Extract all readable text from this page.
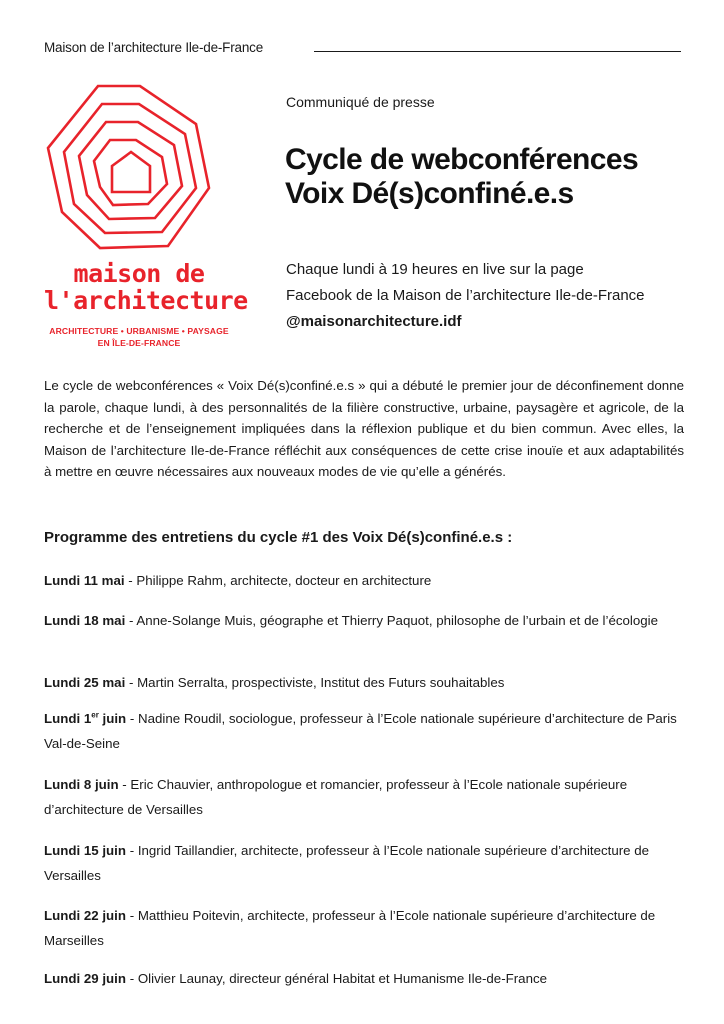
Maison de l’architecture Ile-de-France
maison de
l'architecture
ARCHITECTURE • URBANISME • PAYSAGE
EN ÎLE-DE-FRANCE
Communiqué de presse
Cycle de webconférences
Voix Dé(s)confiné.e.s
Chaque lundi à 19 heures en live sur la page
Facebook de la Maison de l’architecture Ile-de-France
@maisonarchitecture.idf
Le cycle de webconférences « Voix Dé(s)confiné.e.s » qui a débuté le premier jour de déconfinement donne la parole, chaque lundi, à des personnalités de la filière constructive, urbaine, paysagère et agricole, de la recherche et de l’enseignement impliquées dans la réflexion publique et du bien commun. Avec elles, la Maison de l’architecture Ile-de-France réfléchit aux conséquences de cette crise inouïe et aux adaptabilités à mettre en œuvre nécessaires aux nouveaux modes de vie qu’elle a générés.
Programme des entretiens du cycle #1 des Voix Dé(s)confiné.e.s :
Lundi 11 mai - Philippe Rahm, architecte, docteur en architecture
Lundi 18 mai - Anne-Solange Muis, géographe et Thierry Paquot, philosophe de l’urbain et de l’écologie
Lundi 25 mai - Martin Serralta, prospectiviste, Institut des Futurs souhaitables
Lundi 1er juin - Nadine Roudil, sociologue, professeur à l’Ecole nationale supérieure d’architecture de Paris Val-de-Seine
Lundi 8 juin - Eric Chauvier, anthropologue et romancier, professeur à l’Ecole nationale supérieure d’architecture de Versailles
Lundi 15 juin - Ingrid Taillandier, architecte, professeur à l’Ecole nationale supérieure d’architecture de Versailles
Lundi 22 juin - Matthieu Poitevin, architecte, professeur à l’Ecole nationale supérieure d’architecture de Marseilles
Lundi 29 juin - Olivier Launay, directeur général Habitat et Humanisme Ile-de-France
